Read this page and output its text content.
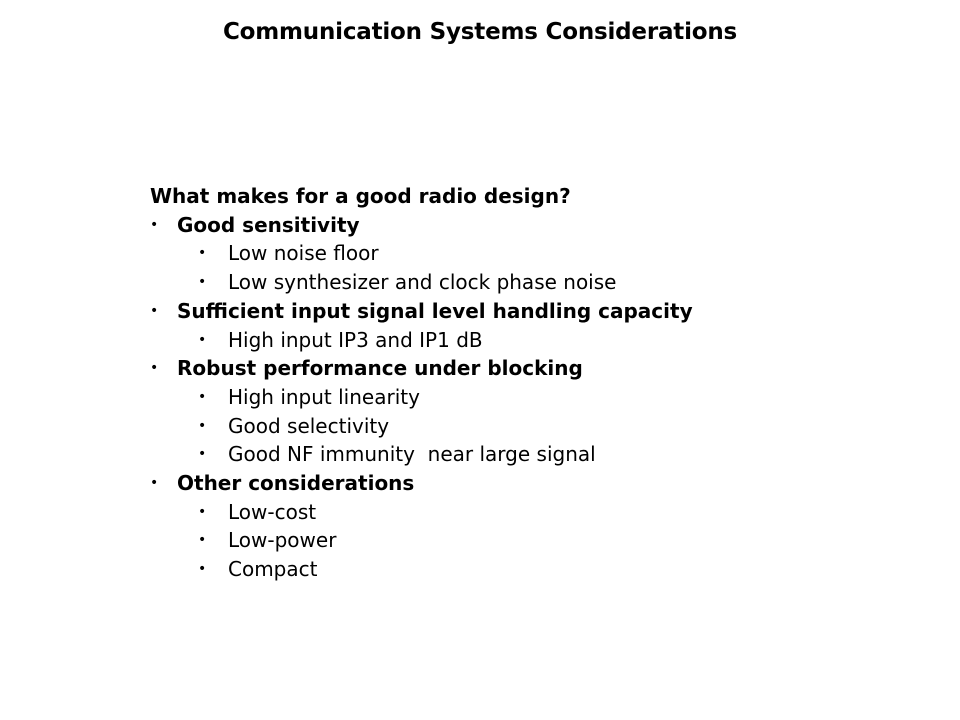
Communication Systems Considerations
What makes for a good radio design?
• Good sensitivity
• Low noise floor
• Low synthesizer and clock phase noise
• Sufficient input signal level handling capacity
• High input IP3 and IP1 dB
• Robust performance under blocking
• High input linearity
• Good selectivity
• Good NF immunity  near large signal
• Other considerations
• Low-cost
• Low-power
• Compact
